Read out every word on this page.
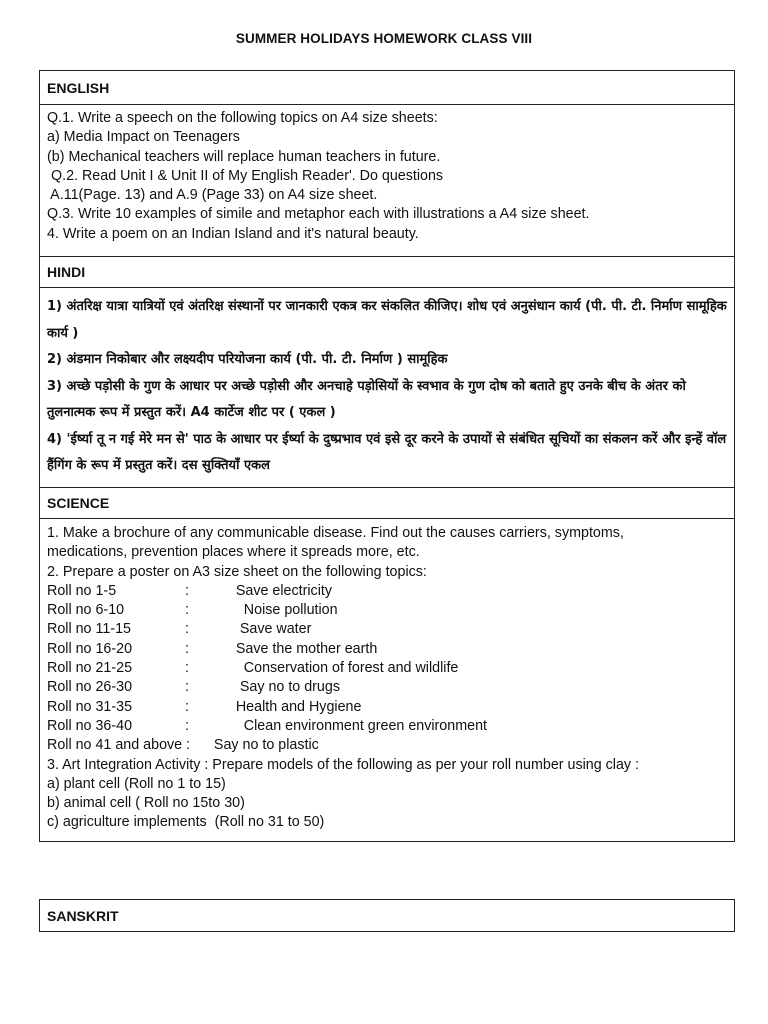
SUMMER HOLIDAYS HOMEWORK CLASS VIII
ENGLISH
Q.1. Write a speech on the following topics on A4 size sheets:
a) Media Impact on Teenagers
(b) Mechanical teachers will replace human teachers in future.
Q.2. Read Unit I & Unit II of My English Reader'. Do questions
A.11(Page. 13) and A.9 (Page 33) on A4 size sheet.
Q.3. Write 10 examples of simile and metaphor each with illustrations a A4 size sheet.
4. Write a poem on an Indian Island and it's natural beauty.
HINDI
1) अंतरिक्ष यात्रा यात्रियों एवं अंतरिक्ष संस्थानों पर जानकारी एकत्र कर संकलित कीजिए। शोध एवं अनुसंधान कार्य (पी. पी. टी. निर्माण सामूहिक कार्य )
2) अंडमान निकोबार और लक्ष्यदीप परियोजना कार्य (पी. पी. टी. निर्माण ) सामूहिक
3) अच्छे पड़ोसी के गुण के आधार पर अच्छे पड़ोसी और अनचाहे पड़ोसियों के स्वभाव के गुण दोष को बताते हुए उनके बीच के अंतर को तुलनात्मक रूप में प्रस्तुत करें। A4 कार्टेज शीट पर ( एकल )
4) 'ईर्ष्या तू न गई मेरे मन से' पाठ के आधार पर ईर्ष्या के दुष्प्रभाव एवं इसे दूर करने के उपायों से संबंधित सूचियों का संकलन करें और इन्हें वॉल हैंगिंग के रूप में प्रस्तुत करें। दस सुक्तियाँ एकल
SCIENCE
1. Make a brochure of any communicable disease. Find out the causes carriers, symptoms,
medications, prevention places where it spreads more, etc.
2. Prepare a poster on A3 size sheet on the following topics:
Roll no 1-5	:	Save electricity
Roll no 6-10	:	Noise pollution
Roll no 11-15	:	Save water
Roll no 16-20	:	Save the mother earth
Roll no 21-25	:	Conservation of forest and wildlife
Roll no 26-30	:	Say no to drugs
Roll no 31-35	:	Health and Hygiene
Roll no 36-40	:	Clean environment green environment
Roll no 41 and above :      Say no to plastic
3. Art Integration Activity : Prepare models of the following as per your roll number using clay :
a) plant cell (Roll no 1 to 15)
b) animal cell ( Roll no 15to 30)
c) agriculture implements  (Roll no 31 to 50)
SANSKRIT
